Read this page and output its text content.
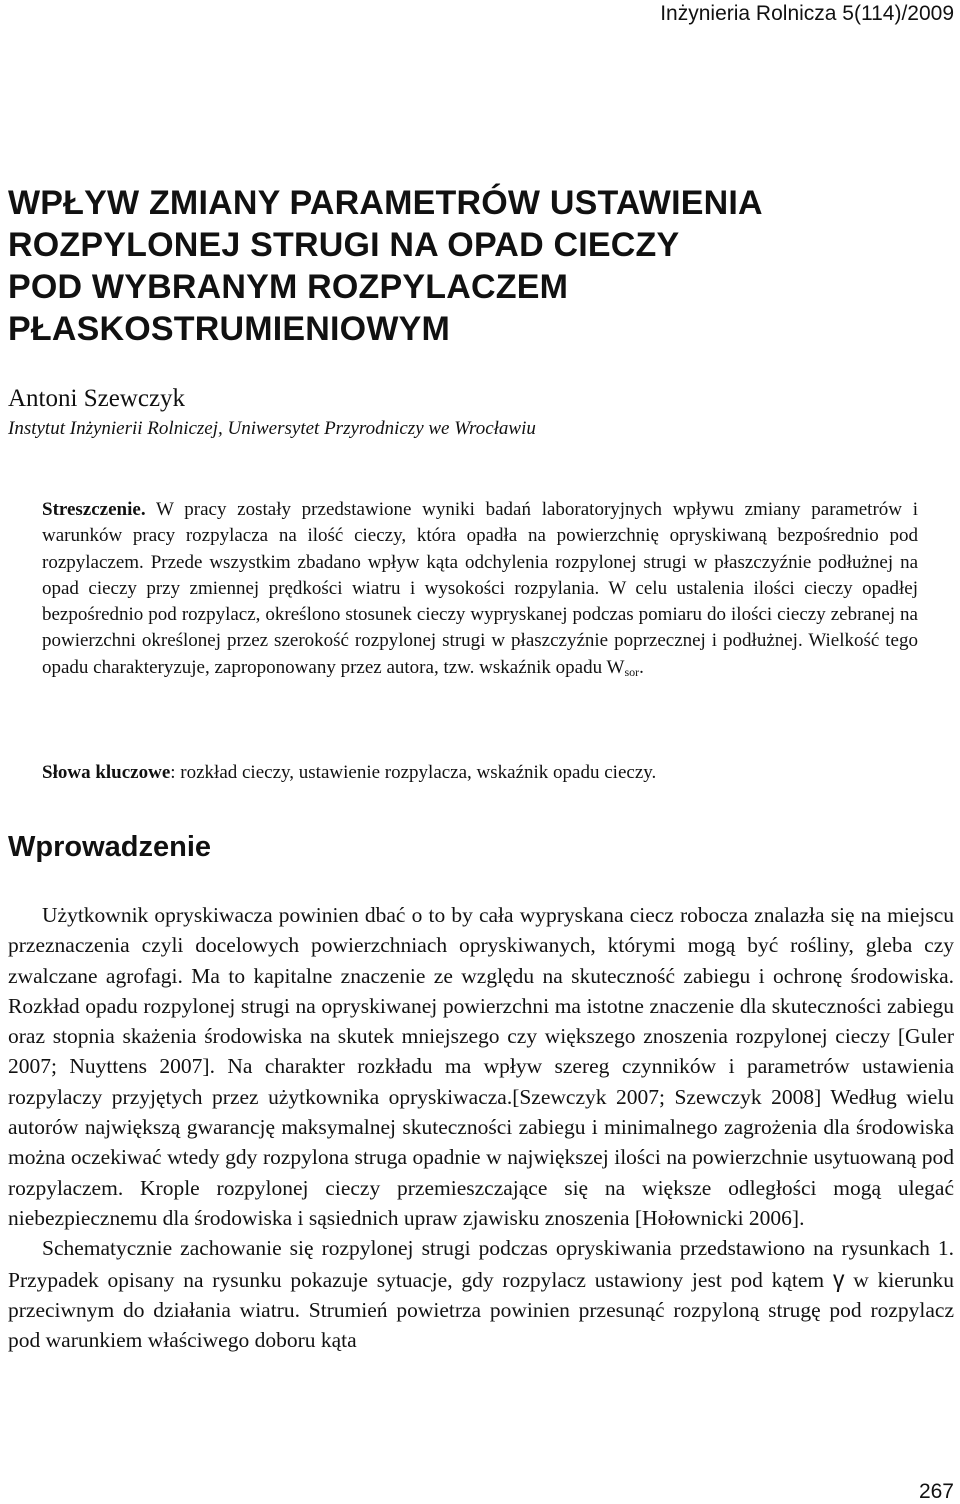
Inżynieria Rolnicza 5(114)/2009
WPŁYW ZMIANY PARAMETRÓW USTAWIENIA
ROZPYLONEJ STRUGI NA OPAD CIECZY
POD WYBRANYM ROZPYLACZEM
PŁASKOSTRUMIENIOWYM
Antoni Szewczyk
Instytut Inżynierii Rolniczej, Uniwersytet Przyrodniczy we Wrocławiu

Streszczenie. W pracy zostały przedstawione wyniki badań laboratoryjnych wpływu zmiany parametrów i warunków pracy rozpylacza na ilość cieczy, która opadła na powierzchnię opryskiwaną bezpośrednio pod rozpylaczem. Przede wszystkim zbadano wpływ kąta odchylenia rozpylonej strugi w płaszczyźnie podłużnej na opad cieczy przy zmiennej prędkości wiatru i wysokości rozpylania. W celu ustalenia ilości cieczy opadłej bezpośrednio pod rozpylacz, określono stosunek cieczy wypryskanej podczas pomiaru do ilości cieczy zebranej na powierzchni określonej przez szerokość rozpylonej strugi w płaszczyźnie poprzecznej i podłużnej. Wielkość tego opadu charakteryzuje, zaproponowany przez autora, tzw. wskaźnik opadu $W_{sor}$.

Słowa kluczowe: rozkład cieczy, ustawienie rozpylacza, wskaźnik opadu cieczy.

Wprowadzenie

Użytkownik opryskiwacza powinien dbać o to by cała wypryskana ciecz robocza znalazła się na miejscu przeznaczenia czyli docelowych powierzchniach opryskiwanych, którymi mogą być rośliny, gleba czy zwalczane agrofagi. Ma to kapitalne znaczenie ze względu na skuteczność zabiegu i ochronę środowiska. Rozkład opadu rozpylonej strugi na opryskiwanej powierzchni ma istotne znaczenie dla skuteczności zabiegu oraz stopnia skażenia środowiska na skutek mniejszego czy większego znoszenia rozpylonej cieczy [Guler 2007; Nuyttens 2007]. Na charakter rozkładu ma wpływ szereg czynników i parametrów ustawienia rozpylaczy przyjętych przez użytkownika opryskiwacza.[Szewczyk 2007; Szewczyk 2008] Według wielu autorów największą gwarancję maksymalnej skuteczności zabiegu i minimalnego zagrożenia dla środowiska można oczekiwać wtedy gdy rozpylona struga opadnie w największej ilości na powierzchnie usytuowaną pod rozpylaczem. Krople rozpylonej cieczy przemieszczające się na większe odległości mogą ulegać niebezpiecznemu dla środowiska i sąsiednich upraw zjawisku znoszenia [Hołownicki 2006].

Schematycznie zachowanie się rozpylonej strugi podczas opryskiwania przedstawiono na rysunkach 1. Przypadek opisany na rysunku pokazuje sytuacje, gdy rozpylacz ustawiony jest pod kątem γ w kierunku przeciwnym do działania wiatru. Strumień powietrza powinien przesunąć rozpyloną strugę pod rozpylacz pod warunkiem właściwego doboru kąta

267
